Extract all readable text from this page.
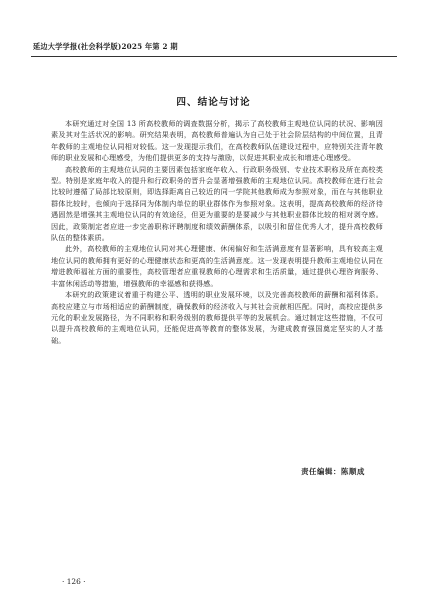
延边大学学报(社会科学版)2025 年第 2 期
四、结论与讨论

本研究通过对全国 13 所高校教师的调查数据分析，揭示了高校教师主观地位认同的状况、影响因素及其对生活状况的影响。研究结果表明，高校教师普遍认为自己处于社会阶层结构的中间位置，且青年教师的主观地位认同相对较低。这一发现提示我们，在高校教师队伍建设过程中，应特别关注青年教师的职业发展和心理感受，为他们提供更多的支持与激励，以促进其职业成长和增进心理感受。

高校教师的主观地位认同的主要因素包括家庭年收入、行政职务级别、专业技术职称及所在高校类型。特别是家庭年收入的提升和行政职务的晋升会显著增强教师的主观地位认同。高校教师在进行社会比较时遵循了局部比较原则，即选择距离自己较近的同一学院其他教师成为参照对象，而在与其他职业群体比较时，也倾向于选择同为体制内单位的职业群体作为参照对象。这表明，提高高校教师的经济待遇固然是增强其主观地位认同的有效途径，但更为重要的是要减少与其他职业群体比较的相对剥夺感。因此，政策制定者应进一步完善职称评聘制度和绩效薪酬体系，以吸引和留住优秀人才，提升高校教师队伍的整体素质。

此外，高校教师的主观地位认同对其心理健康、休闲偏好和生活满意度有显著影响，具有较高主观地位认同的教师拥有更好的心理健康状态和更高的生活满意度。这一发现表明提升教师主观地位认同在增进教师福祉方面的重要性，高校管理者应重视教师的心理需求和生活质量，通过提供心理咨询服务、丰富休闲活动等措施，增强教师的幸福感和获得感。

本研究的政策建议着重于构建公平、透明的职业发展环境，以及完善高校教师的薪酬和福利体系。高校应建立与市场相适应的薪酬制度，确保教师的经济收入与其社会贡献相匹配。同时，高校应提供多元化的职业发展路径，为不同职称和职务级别的教师提供平等的发展机会。通过制定这些措施，不仅可以提升高校教师的主观地位认同，还能促进高等教育的整体发展，为建成教育强国奠定坚实的人才基础。

责任编辑：陈顺成
· 126 ·
